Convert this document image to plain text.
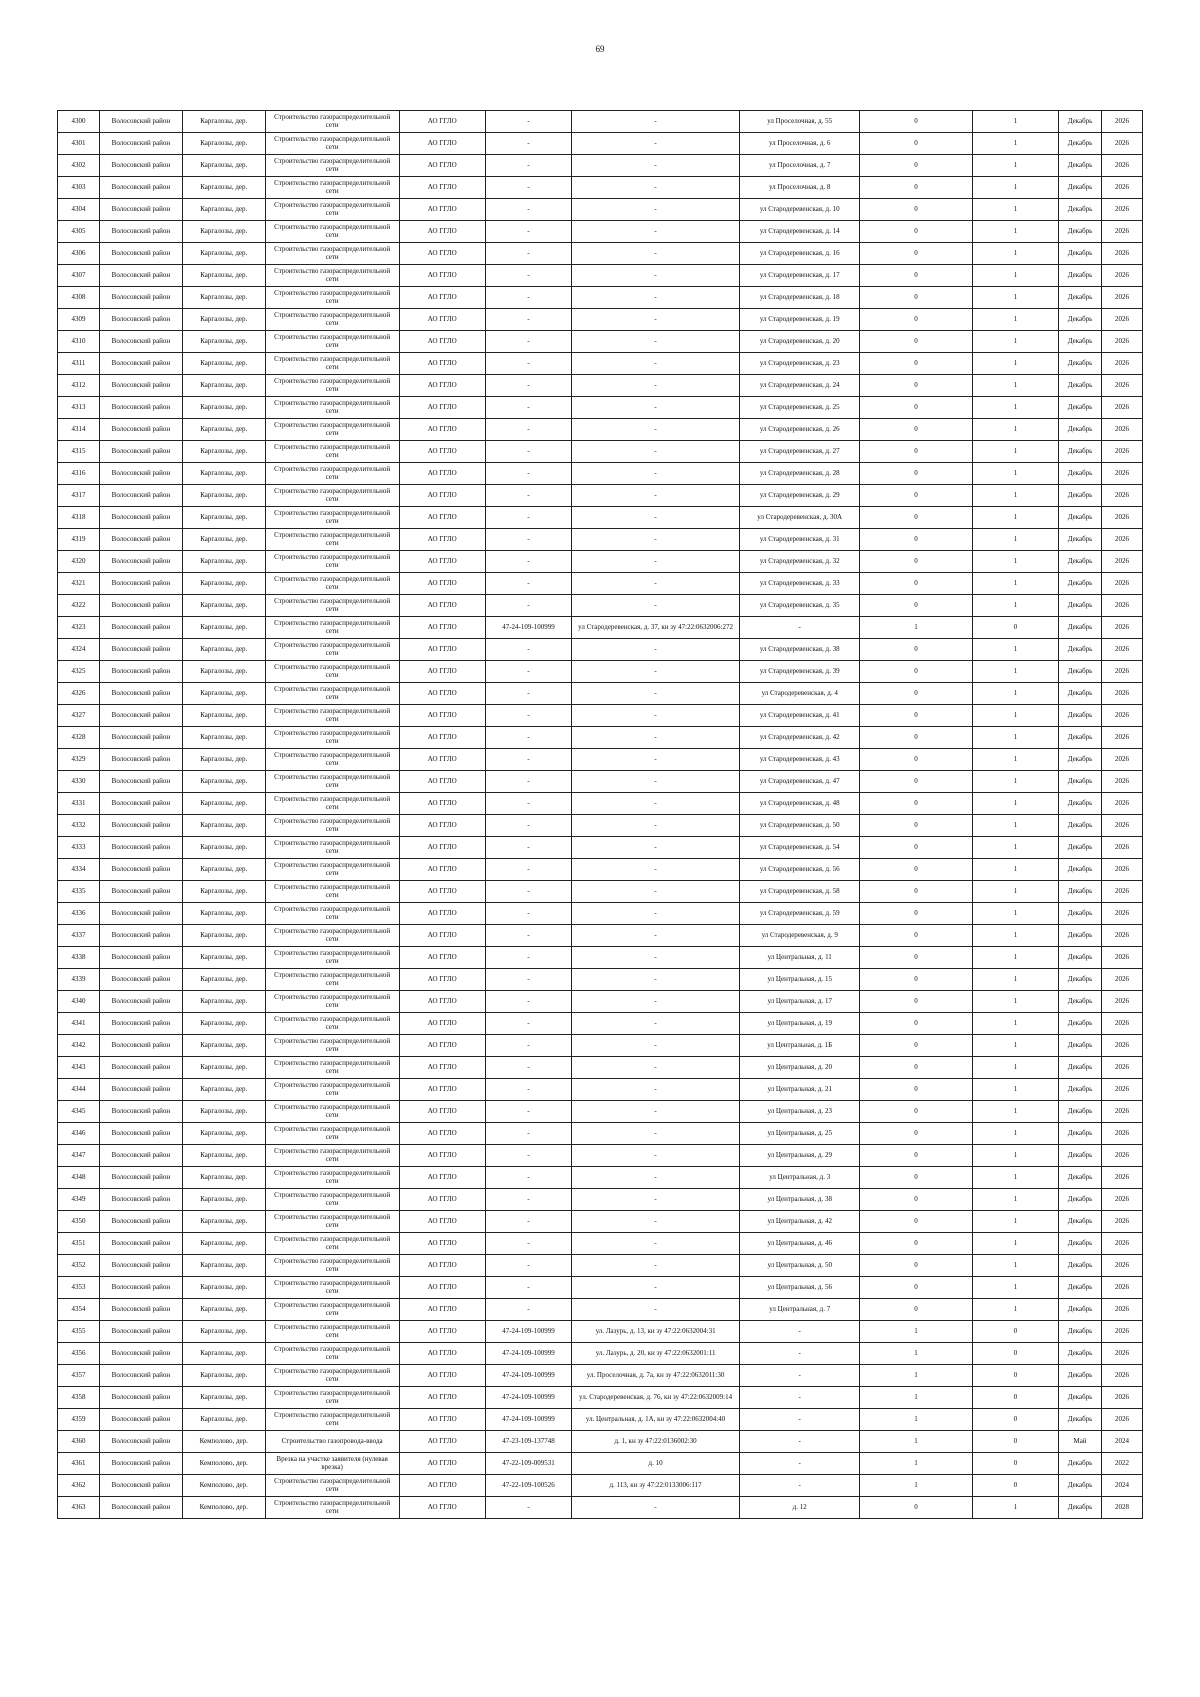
69
4300	Волосовский район	Каргалозы, дер.	Строительство газораспределительной сети	АО ГГЛО	-	-	ул Проселочная, д. 55	0	1	Декабрь	2026
4301	Волосовский район	Каргалозы, дер.	Строительство газораспределительной сети	АО ГГЛО	-	-	ул Проселочная, д. 6	0	1	Декабрь	2026
4302	Волосовский район	Каргалозы, дер.	Строительство газораспределительной сети	АО ГГЛО	-	-	ул Проселочная, д. 7	0	1	Декабрь	2026
4303	Волосовский район	Каргалозы, дер.	Строительство газораспределительной сети	АО ГГЛО	-	-	ул Проселочная, д. 8	0	1	Декабрь	2026
4304	Волосовский район	Каргалозы, дер.	Строительство газораспределительной сети	АО ГГЛО	-	-	ул Стародеревенская, д. 10	0	1	Декабрь	2026
4305	Волосовский район	Каргалозы, дер.	Строительство газораспределительной сети	АО ГГЛО	-	-	ул Стародеревенская, д. 14	0	1	Декабрь	2026
4306	Волосовский район	Каргалозы, дер.	Строительство газораспределительной сети	АО ГГЛО	-	-	ул Стародеревенская, д. 16	0	1	Декабрь	2026
4307	Волосовский район	Каргалозы, дер.	Строительство газораспределительной сети	АО ГГЛО	-	-	ул Стародеревенская, д. 17	0	1	Декабрь	2026
4308	Волосовский район	Каргалозы, дер.	Строительство газораспределительной сети	АО ГГЛО	-	-	ул Стародеревенская, д. 18	0	1	Декабрь	2026
4309	Волосовский район	Каргалозы, дер.	Строительство газораспределительной сети	АО ГГЛО	-	-	ул Стародеревенская, д. 19	0	1	Декабрь	2026
4310	Волосовский район	Каргалозы, дер.	Строительство газораспределительной сети	АО ГГЛО	-	-	ул Стародеревенская, д. 20	0	1	Декабрь	2026
4311	Волосовский район	Каргалозы, дер.	Строительство газораспределительной сети	АО ГГЛО	-	-	ул Стародеревенская, д. 23	0	1	Декабрь	2026
4312	Волосовский район	Каргалозы, дер.	Строительство газораспределительной сети	АО ГГЛО	-	-	ул Стародеревенская, д. 24	0	1	Декабрь	2026
4313	Волосовский район	Каргалозы, дер.	Строительство газораспределительной сети	АО ГГЛО	-	-	ул Стародеревенская, д. 25	0	1	Декабрь	2026
4314	Волосовский район	Каргалозы, дер.	Строительство газораспределительной сети	АО ГГЛО	-	-	ул Стародеревенская, д. 26	0	1	Декабрь	2026
4315	Волосовский район	Каргалозы, дер.	Строительство газораспределительной сети	АО ГГЛО	-	-	ул Стародеревенская, д. 27	0	1	Декабрь	2026
4316	Волосовский район	Каргалозы, дер.	Строительство газораспределительной сети	АО ГГЛО	-	-	ул Стародеревенская, д. 28	0	1	Декабрь	2026
4317	Волосовский район	Каргалозы, дер.	Строительство газораспределительной сети	АО ГГЛО	-	-	ул Стародеревенская, д. 29	0	1	Декабрь	2026
4318	Волосовский район	Каргалозы, дер.	Строительство газораспределительной сети	АО ГГЛО	-	-	ул Стародеревенская, д. 30А	0	1	Декабрь	2026
4319	Волосовский район	Каргалозы, дер.	Строительство газораспределительной сети	АО ГГЛО	-	-	ул Стародеревенская, д. 31	0	1	Декабрь	2026
4320	Волосовский район	Каргалозы, дер.	Строительство газораспределительной сети	АО ГГЛО	-	-	ул Стародеревенская, д. 32	0	1	Декабрь	2026
4321	Волосовский район	Каргалозы, дер.	Строительство газораспределительной сети	АО ГГЛО	-	-	ул Стародеревенская, д. 33	0	1	Декабрь	2026
4322	Волосовский район	Каргалозы, дер.	Строительство газораспределительной сети	АО ГГЛО	-	-	ул Стародеревенская, д. 35	0	1	Декабрь	2026
4323	Волосовский район	Каргалозы, дер.	Строительство газораспределительной сети	АО ГГЛО	47-24-109-100999	ул Стародеревенская, д. 37, кн зу 47:22:0632006:272	-	1	0	Декабрь	2026
4324	Волосовский район	Каргалозы, дер.	Строительство газораспределительной сети	АО ГГЛО	-	-	ул Стародеревенская, д. 38	0	1	Декабрь	2026
4325	Волосовский район	Каргалозы, дер.	Строительство газораспределительной сети	АО ГГЛО	-	-	ул Стародеревенская, д. 39	0	1	Декабрь	2026
4326	Волосовский район	Каргалозы, дер.	Строительство газораспределительной сети	АО ГГЛО	-	-	ул Стародеревенская, д. 4	0	1	Декабрь	2026
4327	Волосовский район	Каргалозы, дер.	Строительство газораспределительной сети	АО ГГЛО	-	-	ул Стародеревенская, д. 41	0	1	Декабрь	2026
4328	Волосовский район	Каргалозы, дер.	Строительство газораспределительной сети	АО ГГЛО	-	-	ул Стародеревенская, д. 42	0	1	Декабрь	2026
4329	Волосовский район	Каргалозы, дер.	Строительство газораспределительной сети	АО ГГЛО	-	-	ул Стародеревенская, д. 43	0	1	Декабрь	2026
4330	Волосовский район	Каргалозы, дер.	Строительство газораспределительной сети	АО ГГЛО	-	-	ул Стародеревенская, д. 47	0	1	Декабрь	2026
4331	Волосовский район	Каргалозы, дер.	Строительство газораспределительной сети	АО ГГЛО	-	-	ул Стародеревенская, д. 48	0	1	Декабрь	2026
4332	Волосовский район	Каргалозы, дер.	Строительство газораспределительной сети	АО ГГЛО	-	-	ул Стародеревенская, д. 50	0	1	Декабрь	2026
4333	Волосовский район	Каргалозы, дер.	Строительство газораспределительной сети	АО ГГЛО	-	-	ул Стародеревенская, д. 54	0	1	Декабрь	2026
4334	Волосовский район	Каргалозы, дер.	Строительство газораспределительной сети	АО ГГЛО	-	-	ул Стародеревенская, д. 56	0	1	Декабрь	2026
4335	Волосовский район	Каргалозы, дер.	Строительство газораспределительной сети	АО ГГЛО	-	-	ул Стародеревенская, д. 58	0	1	Декабрь	2026
4336	Волосовский район	Каргалозы, дер.	Строительство газораспределительной сети	АО ГГЛО	-	-	ул Стародеревенская, д. 59	0	1	Декабрь	2026
4337	Волосовский район	Каргалозы, дер.	Строительство газораспределительной сети	АО ГГЛО	-	-	ул Стародеревенская, д. 9	0	1	Декабрь	2026
4338	Волосовский район	Каргалозы, дер.	Строительство газораспределительной сети	АО ГГЛО	-	-	ул Центральная, д. 11	0	1	Декабрь	2026
4339	Волосовский район	Каргалозы, дер.	Строительство газораспределительной сети	АО ГГЛО	-	-	ул Центральная, д. 15	0	1	Декабрь	2026
4340	Волосовский район	Каргалозы, дер.	Строительство газораспределительной сети	АО ГГЛО	-	-	ул Центральная, д. 17	0	1	Декабрь	2026
4341	Волосовский район	Каргалозы, дер.	Строительство газораспределительной сети	АО ГГЛО	-	-	ул Центральная, д. 19	0	1	Декабрь	2026
4342	Волосовский район	Каргалозы, дер.	Строительство газораспределительной сети	АО ГГЛО	-	-	ул Центральная, д. 1Б	0	1	Декабрь	2026
4343	Волосовский район	Каргалозы, дер.	Строительство газораспределительной сети	АО ГГЛО	-	-	ул Центральная, д. 20	0	1	Декабрь	2026
4344	Волосовский район	Каргалозы, дер.	Строительство газораспределительной сети	АО ГГЛО	-	-	ул Центральная, д. 21	0	1	Декабрь	2026
4345	Волосовский район	Каргалозы, дер.	Строительство газораспределительной сети	АО ГГЛО	-	-	ул Центральная, д. 23	0	1	Декабрь	2026
4346	Волосовский район	Каргалозы, дер.	Строительство газораспределительной сети	АО ГГЛО	-	-	ул Центральная, д. 25	0	1	Декабрь	2026
4347	Волосовский район	Каргалозы, дер.	Строительство газораспределительной сети	АО ГГЛО	-	-	ул Центральная, д. 29	0	1	Декабрь	2026
4348	Волосовский район	Каргалозы, дер.	Строительство газораспределительной сети	АО ГГЛО	-	-	ул Центральная, д. 3	0	1	Декабрь	2026
4349	Волосовский район	Каргалозы, дер.	Строительство газораспределительной сети	АО ГГЛО	-	-	ул Центральная, д. 38	0	1	Декабрь	2026
4350	Волосовский район	Каргалозы, дер.	Строительство газораспределительной сети	АО ГГЛО	-	-	ул Центральная, д. 42	0	1	Декабрь	2026
4351	Волосовский район	Каргалозы, дер.	Строительство газораспределительной сети	АО ГГЛО	-	-	ул Центральная, д. 46	0	1	Декабрь	2026
4352	Волосовский район	Каргалозы, дер.	Строительство газораспределительной сети	АО ГГЛО	-	-	ул Центральная, д. 50	0	1	Декабрь	2026
4353	Волосовский район	Каргалозы, дер.	Строительство газораспределительной сети	АО ГГЛО	-	-	ул Центральная, д. 56	0	1	Декабрь	2026
4354	Волосовский район	Каргалозы, дер.	Строительство газораспределительной сети	АО ГГЛО	-	-	ул Центральная, д. 7	0	1	Декабрь	2026
4355	Волосовский район	Каргалозы, дер.	Строительство газораспределительной сети	АО ГГЛО	47-24-109-100999	ул. Лазурь, д. 13, кн зу 47:22:0632004:31	-	1	0	Декабрь	2026
4356	Волосовский район	Каргалозы, дер.	Строительство газораспределительной сети	АО ГГЛО	47-24-109-100999	ул. Лазурь, д. 20, кн зу 47:22:0632001:11	-	1	0	Декабрь	2026
4357	Волосовский район	Каргалозы, дер.	Строительство газораспределительной сети	АО ГГЛО	47-24-109-100999	ул. Проселочная, д. 7а, кн зу 47:22:0632011:30	-	1	0	Декабрь	2026
4358	Волосовский район	Каргалозы, дер.	Строительство газораспределительной сети	АО ГГЛО	47-24-109-100999	ул. Стародеревенская, д. 76, кн зу 47:22:0632009:14	-	1	0	Декабрь	2026
4359	Волосовский район	Каргалозы, дер.	Строительство газораспределительной сети	АО ГГЛО	47-24-109-100999	ул. Центральная, д. 1А, кн зу 47:22:0632004:40	-	1	0	Декабрь	2026
4360	Волосовский район	Кемполово, дер.	Строительство газопровода-ввода	АО ГГЛО	47-23-109-137748	д. 1, кн зу 47:22:0136002:30	-	1	0	Май	2024
4361	Волосовский район	Кемполово, дер.	Врезка на участке заявителя (нулевая врезка)	АО ГГЛО	47-22-109-009531	д. 10	-	1	0	Декабрь	2022
4362	Волосовский район	Кемполово, дер.	Строительство газораспределительной сети	АО ГГЛО	47-22-109-100526	д. 113, кн зу 47:22:0133006:117	-	1	0	Декабрь	2024
4363	Волосовский район	Кемполово, дер.	Строительство газораспределительной сети	АО ГГЛО	-	-	д. 12	0	1	Декабрь	2028
